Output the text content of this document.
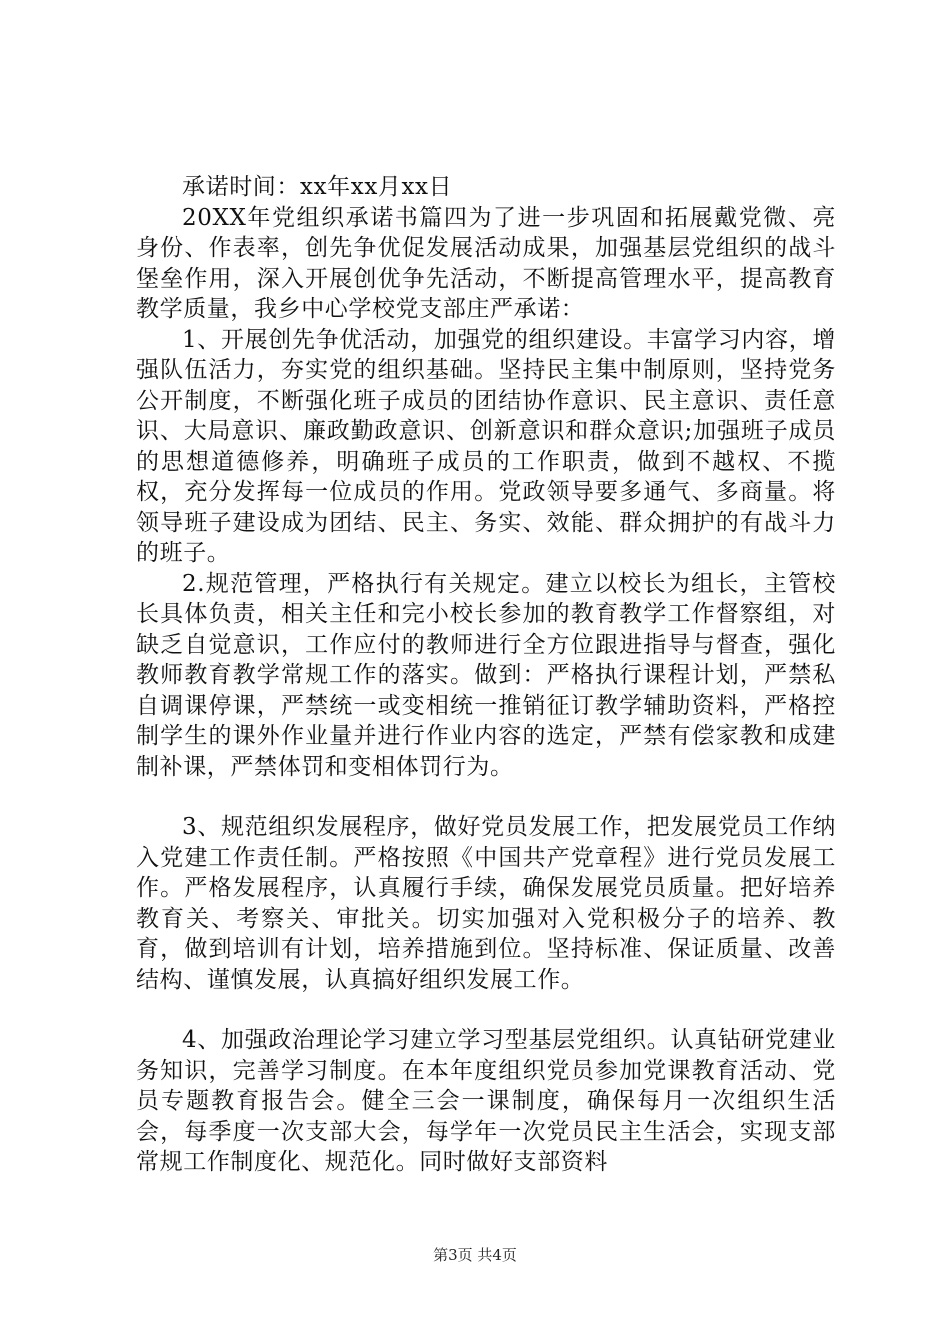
承诺时间：xx年xx月xx日

20XX年党组织承诺书篇四为了进一步巩固和拓展戴党微、亮身份、作表率，创先争优促发展活动成果，加强基层党组织的战斗堡垒作用，深入开展创优争先活动，不断提高管理水平，提高教育教学质量，我乡中心学校党支部庄严承诺：

1、开展创先争优活动，加强党的组织建设。丰富学习内容，增强队伍活力，夯实党的组织基础。坚持民主集中制原则，坚持党务公开制度，不断强化班子成员的团结协作意识、民主意识、责任意识、大局意识、廉政勤政意识、创新意识和群众意识;加强班子成员的思想道德修养，明确班子成员的工作职责，做到不越权、不揽权，充分发挥每一位成员的作用。党政领导要多通气、多商量。将领导班子建设成为团结、民主、务实、效能、群众拥护的有战斗力的班子。

2.规范管理，严格执行有关规定。建立以校长为组长，主管校长具体负责，相关主任和完小校长参加的教育教学工作督察组，对缺乏自觉意识，工作应付的教师进行全方位跟进指导与督查，强化教师教育教学常规工作的落实。做到：严格执行课程计划，严禁私自调课停课，严禁统一或变相统一推销征订教学辅助资料，严格控制学生的课外作业量并进行作业内容的选定，严禁有偿家教和成建制补课，严禁体罚和变相体罚行为。

3、规范组织发展程序，做好党员发展工作，把发展党员工作纳入党建工作责任制。严格按照《中国共产党章程》进行党员发展工作。严格发展程序，认真履行手续，确保发展党员质量。把好培养教育关、考察关、审批关。切实加强对入党积极分子的培养、教育，做到培训有计划，培养措施到位。坚持标准、保证质量、改善结构、谨慎发展，认真搞好组织发展工作。

4、加强政治理论学习建立学习型基层党组织。认真钻研党建业务知识，完善学习制度。在本年度组织党员参加党课教育活动、党员专题教育报告会。健全三会一课制度，确保每月一次组织生活会，每季度一次支部大会，每学年一次党员民主生活会，实现支部常规工作制度化、规范化。同时做好支部资料

第3页 共4页
